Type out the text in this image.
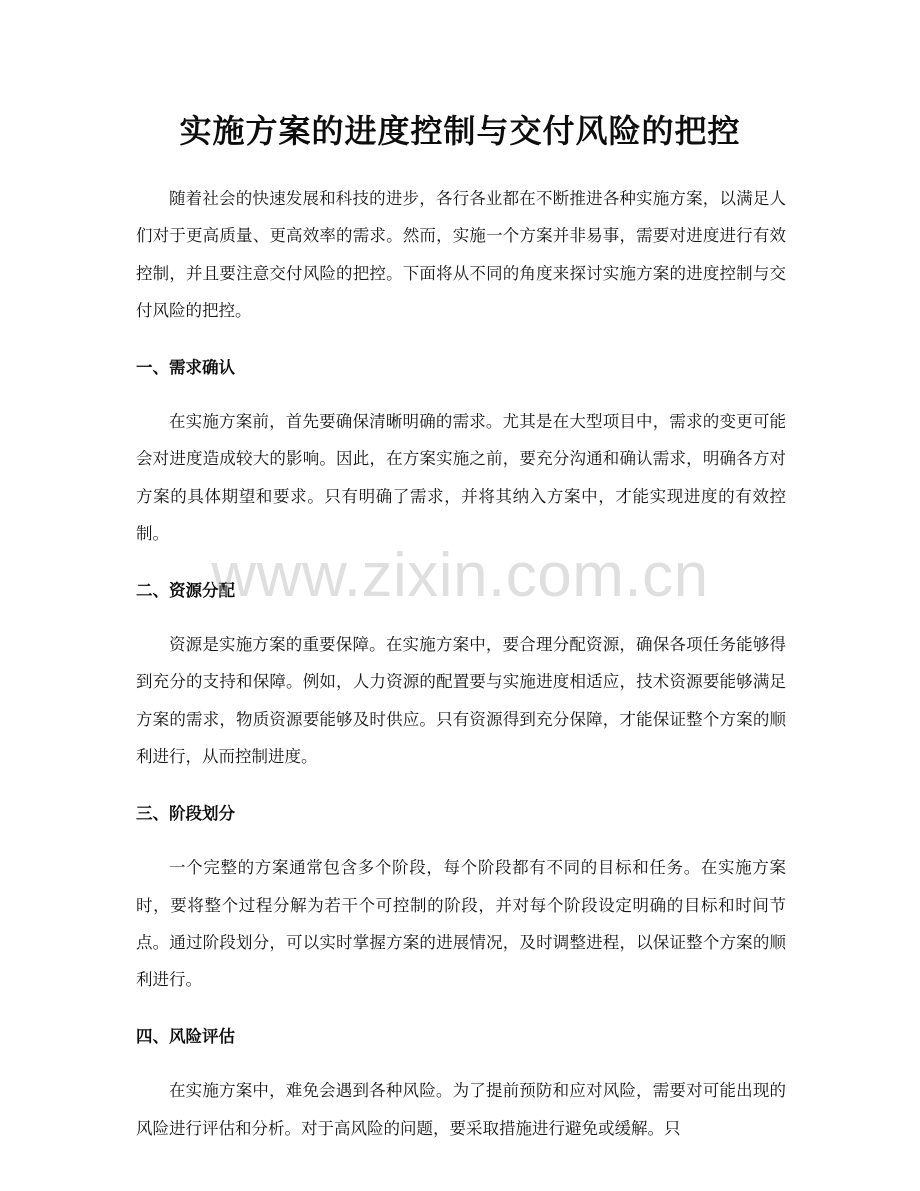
实施方案的进度控制与交付风险的把控

随着社会的快速发展和科技的进步，各行各业都在不断推进各种实施方案，以满足人们对于更高质量、更高效率的需求。然而，实施一个方案并非易事，需要对进度进行有效控制，并且要注意交付风险的把控。下面将从不同的角度来探讨实施方案的进度控制与交付风险的把控。

一、需求确认

在实施方案前，首先要确保清晰明确的需求。尤其是在大型项目中，需求的变更可能会对进度造成较大的影响。因此，在方案实施之前，要充分沟通和确认需求，明确各方对方案的具体期望和要求。只有明确了需求，并将其纳入方案中，才能实现进度的有效控制。

二、资源分配

资源是实施方案的重要保障。在实施方案中，要合理分配资源，确保各项任务能够得到充分的支持和保障。例如，人力资源的配置要与实施进度相适应，技术资源要能够满足方案的需求，物质资源要能够及时供应。只有资源得到充分保障，才能保证整个方案的顺利进行，从而控制进度。

三、阶段划分

一个完整的方案通常包含多个阶段，每个阶段都有不同的目标和任务。在实施方案时，要将整个过程分解为若干个可控制的阶段，并对每个阶段设定明确的目标和时间节点。通过阶段划分，可以实时掌握方案的进展情况，及时调整进程，以保证整个方案的顺利进行。

四、风险评估

在实施方案中，难免会遇到各种风险。为了提前预防和应对风险，需要对可能出现的风险进行评估和分析。对于高风险的问题，要采取措施进行避免或缓解。只

www.zixin.com.cn
